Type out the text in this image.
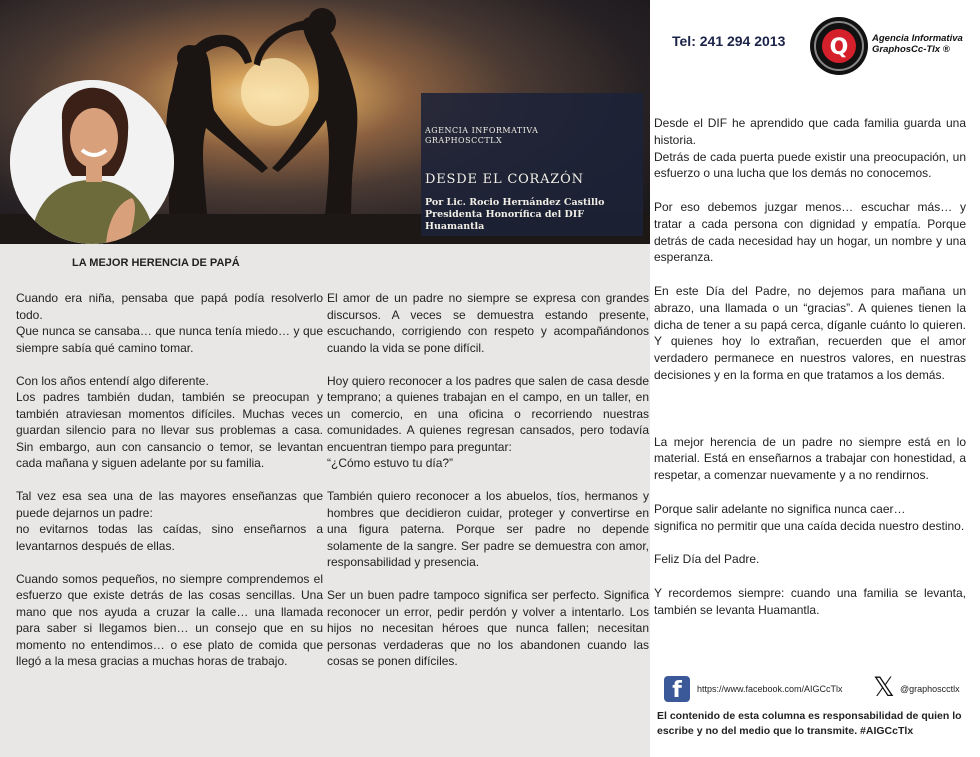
AGENCIA INFORMATIVA GRAPHOSCCTLX
DESDE EL CORAZÓN
Por Lic. Rocio Hernández Castillo
Presidenta Honorífica del DIF Huamantla
LA MEJOR HERENCIA DE PAPÁ

Cuando era niña, pensaba que papá podía resolverlo todo.
Que nunca se cansaba… que nunca tenía miedo… y que siempre sabía qué camino tomar.

Con los años entendí algo diferente.
Los padres también dudan, también se preocupan y también atraviesan momentos difíciles. Muchas veces guardan silencio para no llevar sus problemas a casa. Sin embargo, aun con cansancio o temor, se levantan cada mañana y siguen adelante por su familia.

Tal vez esa sea una de las mayores enseñanzas que puede dejarnos un padre:
no evitarnos todas las caídas, sino enseñarnos a levantarnos después de ellas.

Cuando somos pequeños, no siempre comprendemos el esfuerzo que existe detrás de las cosas sencillas. Una mano que nos ayuda a cruzar la calle… una llamada para saber si llegamos bien… un consejo que en su momento no entendimos… o ese plato de comida que llegó a la mesa gracias a muchas horas de trabajo.

El amor de un padre no siempre se expresa con grandes discursos. A veces se demuestra estando presente, escuchando, corrigiendo con respeto y acompañándonos cuando la vida se pone difícil.

Hoy quiero reconocer a los padres que salen de casa desde temprano; a quienes trabajan en el campo, en un taller, en un comercio, en una oficina o recorriendo nuestras comunidades. A quienes regresan cansados, pero todavía encuentran tiempo para preguntar:
“¿Cómo estuvo tu día?”

También quiero reconocer a los abuelos, tíos, hermanos y hombres que decidieron cuidar, proteger y convertirse en una figura paterna. Porque ser padre no depende solamente de la sangre. Ser padre se demuestra con amor, responsabilidad y presencia.

Ser un buen padre tampoco significa ser perfecto. Significa reconocer un error, pedir perdón y volver a intentarlo. Los hijos no necesitan héroes que nunca fallen; necesitan personas verdaderas que no los abandonen cuando las cosas se ponen difíciles.

Tel: 241 294 2013 Q Agencia Informativa
GraphosCc-Tlx ®

Desde el DIF he aprendido que cada familia guarda una historia.
Detrás de cada puerta puede existir una preocupación, un esfuerzo o una lucha que los demás no conocemos.

Por eso debemos juzgar menos… escuchar más… y tratar a cada persona con dignidad y empatía. Porque detrás de cada necesidad hay un hogar, un nombre y una esperanza.

En este Día del Padre, no dejemos para mañana un abrazo, una llamada o un “gracias”. A quienes tienen la dicha de tener a su papá cerca, díganle cuánto lo quieren. Y quienes hoy lo extrañan, recuerden que el amor verdadero permanece en nuestros valores, en nuestras decisiones y en la forma en que tratamos a los demás.

La mejor herencia de un padre no siempre está en lo material. Está en enseñarnos a trabajar con honestidad, a respetar, a comenzar nuevamente y a no rendirnos.

Porque salir adelante no significa nunca caer…
significa no permitir que una caída decida nuestro destino.

Feliz Día del Padre.

Y recordemos siempre: cuando una familia se levanta, también se levanta Huamantla.

f	https://www.facebook.com/AIGCcTlx 𝕏 @graphoscctlx
El contenido de esta columna es responsabilidad de quien lo escribe y no del medio que lo transmite. #AIGCcTlx
